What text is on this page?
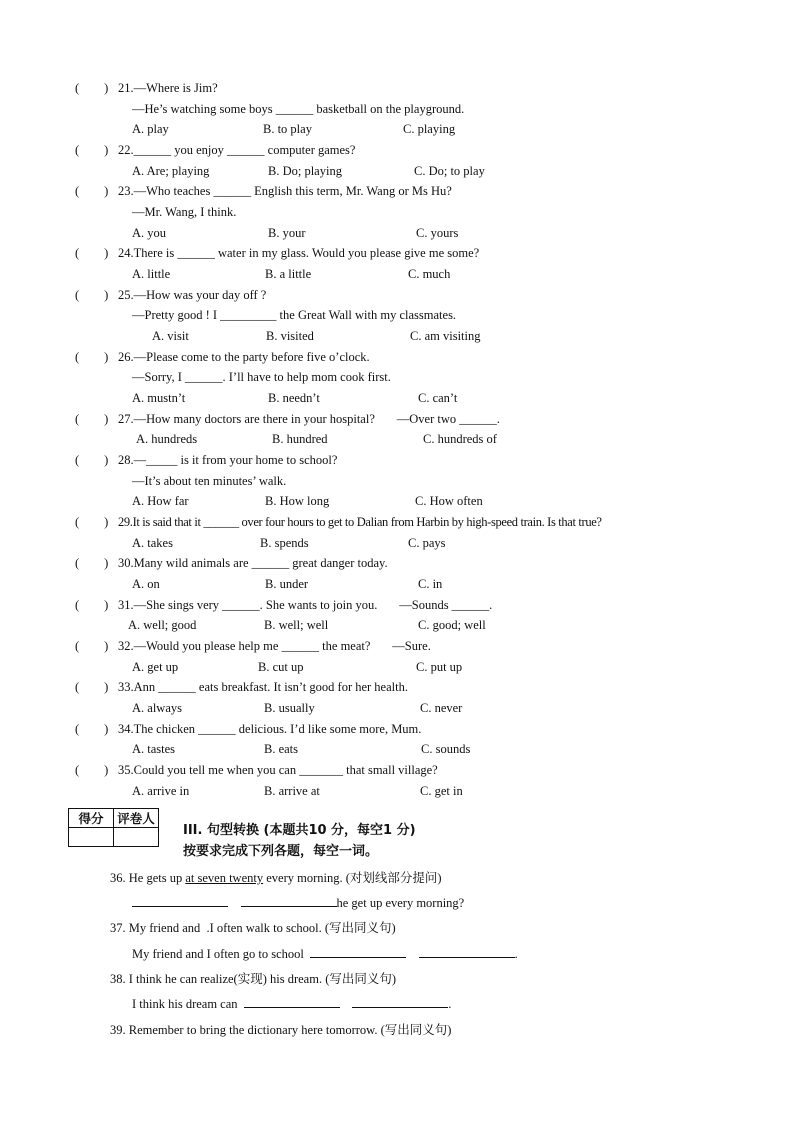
( ) 21.—Where is Jim?
—He’s watching some boys ______ basketball on the playground.
A. play	B. to play	C. playing
( ) 22.______ you enjoy ______ computer games?
A. Are; playing	B. Do; playing	C. Do; to play
( ) 23.—Who teaches ______ English this term, Mr. Wang or Ms Hu?
—Mr. Wang, I think.
A. you	B. your	C. yours
( ) 24.There is ______ water in my glass. Would you please give me some?
A. little	B. a little	C. much
( ) 25.—How was your day off ?
—Pretty good ! I _________ the Great Wall with my classmates.
A. visit	B. visited	C. am visiting
( ) 26.—Please come to the party before five o’clock.
—Sorry, I ______. I’ll have to help mom cook first.
A. mustn’t	B. needn’t	C. can’t
( ) 27.—How many doctors are there in your hospital?       —Over two ______.
A. hundreds	B. hundred	C. hundreds of
( ) 28.—_____ is it from your home to school?
—It’s about ten minutes’ walk.
A. How far	B. How long	C. How often
( ) 29.It is said that it ______ over four hours to get to Dalian from Harbin by high-speed train. Is that true?
A. takes	B. spends	C. pays
( ) 30.Many wild animals are ______ great danger today.
A. on	B. under	C. in
( ) 31.—She sings very ______. She wants to join you.       —Sounds ______.
A. well; good	B. well; well	C. good; well
( ) 32.—Would you please help me ______ the meat?       —Sure.
A. get up	B. cut up	C. put up
( ) 33.Ann ______ eats breakfast. It isn’t good for her health.
A. always	B. usually	C. never
( ) 34.The chicken ______ delicious. I’d like some more, Mum.
A. tastes	B. eats	C. sounds
( ) 35.Could you tell me when you can _______ that small village?
A. arrive in	B. arrive at	C. get in
得分	评卷人

III. 句型转换 (本题共10 分，每空1 分)
按要求完成下列各题，每空一词。
36. He gets up at seven twenty every morning. (对划线部分提问)
he get up every morning?
37. My friend and  .I often walk to school. (写出同义句)
My friend and I often go to school	.
38. I think he can realize(实现) his dream. (写出同义句)
I think his dream can	.
39. Remember to bring the dictionary here tomorrow. (写出同义句)
